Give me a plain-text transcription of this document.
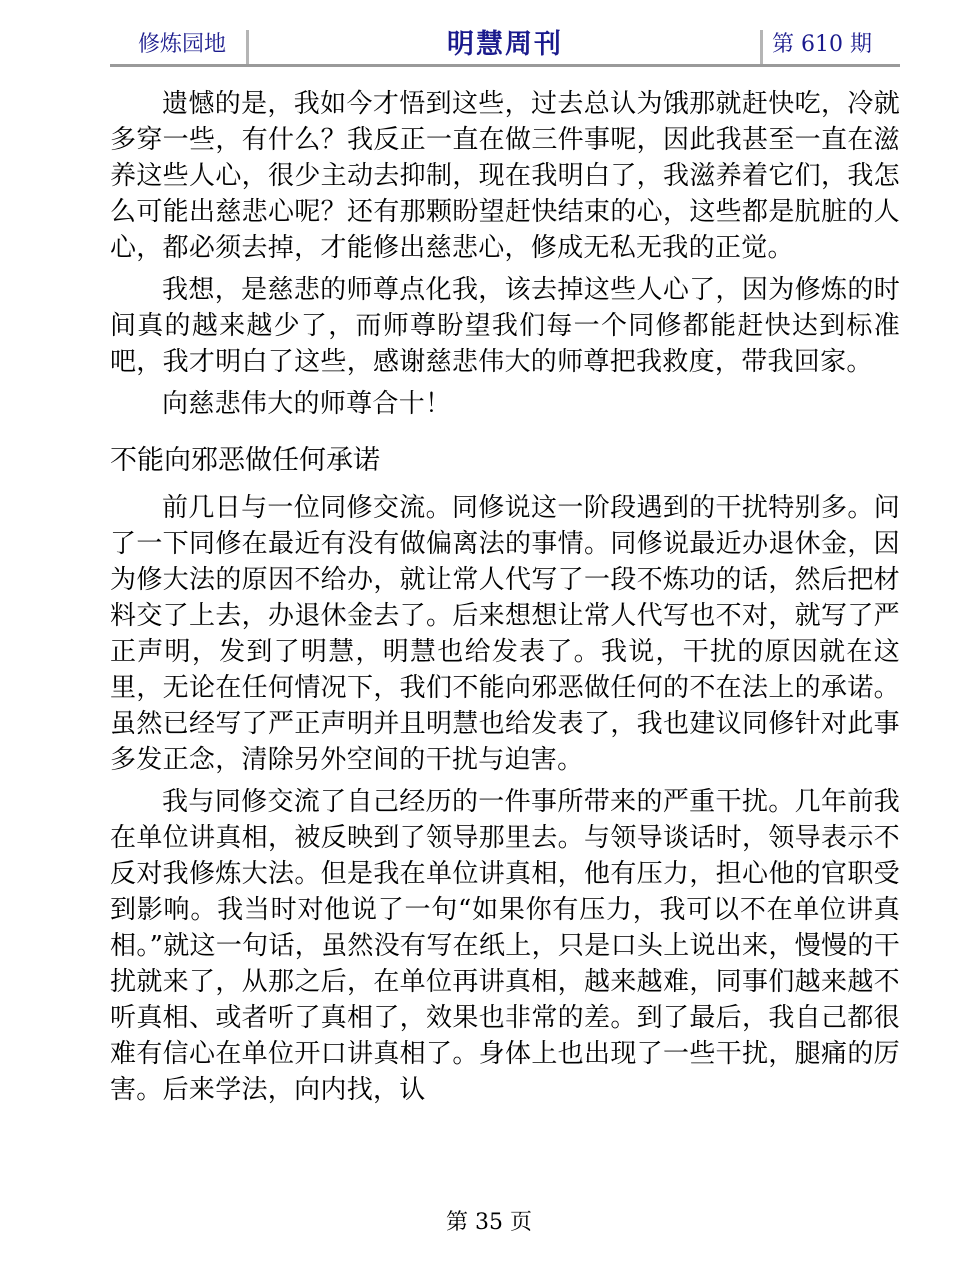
修炼园地	明慧周刊	第 610 期

遗憾的是，我如今才悟到这些，过去总认为饿那就赶快吃，冷就多穿一些，有什么？我反正一直在做三件事呢，因此我甚至一直在滋养这些人心，很少主动去抑制，现在我明白了，我滋养着它们，我怎么可能出慈悲心呢？还有那颗盼望赶快结束的心，这些都是肮脏的人心，都必须去掉，才能修出慈悲心，修成无私无我的正觉。

我想，是慈悲的师尊点化我，该去掉这些人心了，因为修炼的时间真的越来越少了，而师尊盼望我们每一个同修都能赶快达到标准吧，我才明白了这些，感谢慈悲伟大的师尊把我救度，带我回家。

向慈悲伟大的师尊合十！

不能向邪恶做任何承诺

前几日与一位同修交流。同修说这一阶段遇到的干扰特别多。问了一下同修在最近有没有做偏离法的事情。同修说最近办退休金，因为修大法的原因不给办，就让常人代写了一段不炼功的话，然后把材料交了上去，办退休金去了。后来想想让常人代写也不对，就写了严正声明，发到了明慧，明慧也给发表了。我说，干扰的原因就在这里，无论在任何情况下，我们不能向邪恶做任何的不在法上的承诺。虽然已经写了严正声明并且明慧也给发表了，我也建议同修针对此事多发正念，清除另外空间的干扰与迫害。

我与同修交流了自己经历的一件事所带来的严重干扰。几年前我在单位讲真相，被反映到了领导那里去。与领导谈话时，领导表示不反对我修炼大法。但是我在单位讲真相，他有压力，担心他的官职受到影响。我当时对他说了一句“如果你有压力，我可以不在单位讲真相。”就这一句话，虽然没有写在纸上，只是口头上说出来，慢慢的干扰就来了，从那之后，在单位再讲真相，越来越难，同事们越来越不听真相、或者听了真相了，效果也非常的差。到了最后，我自己都很难有信心在单位开口讲真相了。身体上也出现了一些干扰，腿痛的厉害。后来学法，向内找，认

第 35 页
